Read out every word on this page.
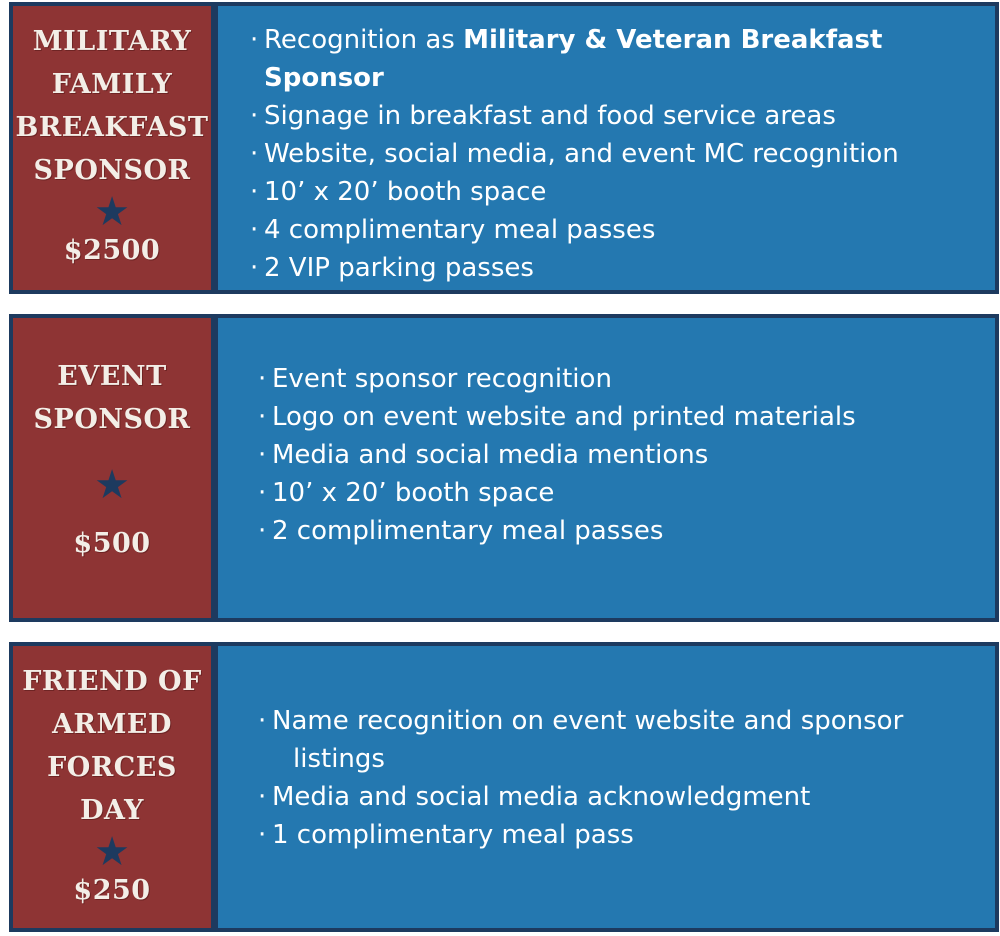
MILITARY
FAMILY
BREAKFAST
SPONSOR
★
$2500
· Recognition as Military & Veteran Breakfast Sponsor
· Signage in breakfast and food service areas
· Website, social media, and event MC recognition
· 10’ x 20’ booth space
· 4 complimentary meal passes
· 2 VIP parking passes
EVENT
SPONSOR
★
$500
· Event sponsor recognition
· Logo on event website and printed materials
· Media and social media mentions
· 10’ x 20’ booth space
· 2 complimentary meal passes
FRIEND OF
ARMED
FORCES
DAY
★
$250
· Name recognition on event website and sponsor
listings
· Media and social media acknowledgment
· 1 complimentary meal pass
